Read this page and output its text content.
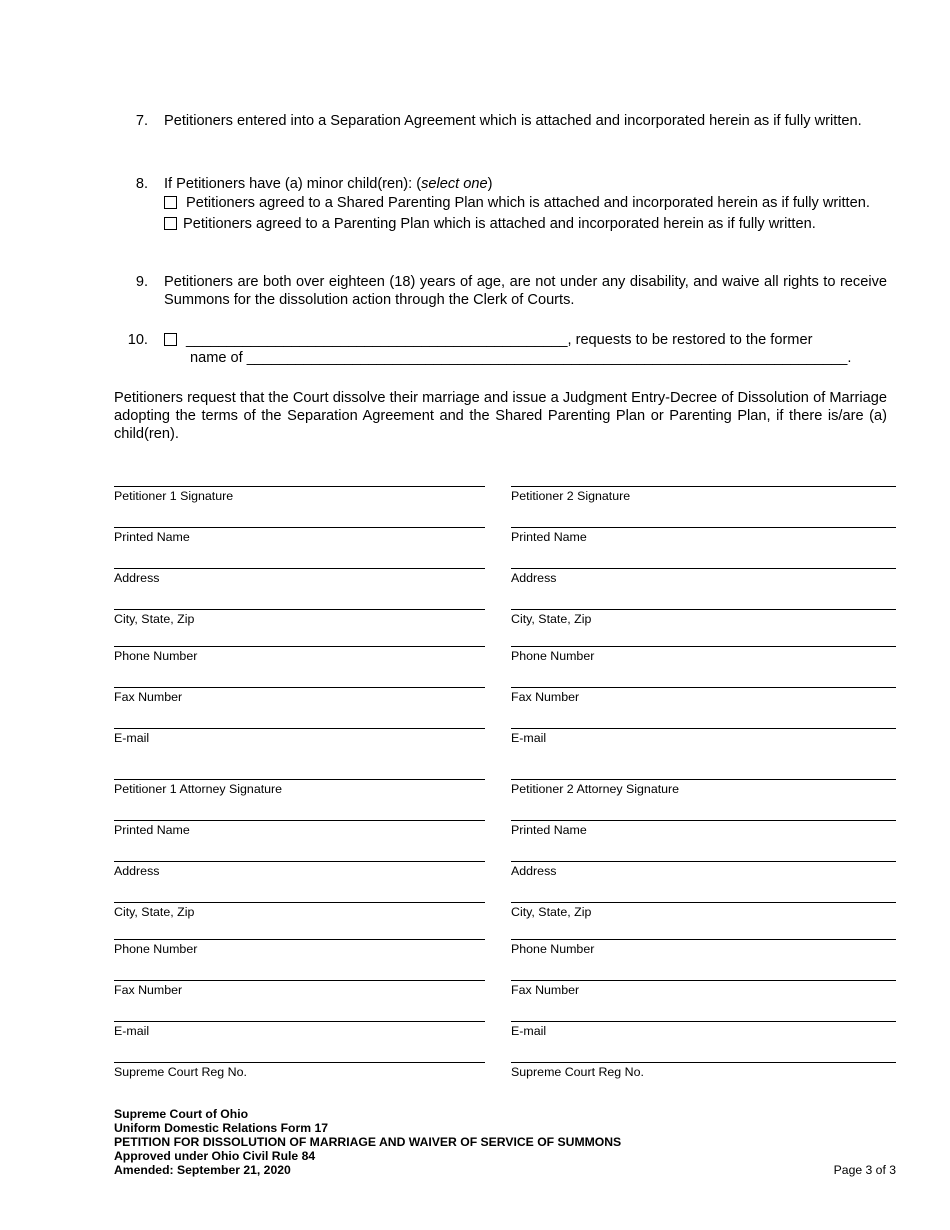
7. Petitioners entered into a Separation Agreement which is attached and incorporated herein as if fully written.
8. If Petitioners have (a) minor child(ren): (select one)
Petitioners agreed to a Shared Parenting Plan which is attached and incorporated herein as if fully written.
Petitioners agreed to a Parenting Plan which is attached and incorporated herein as if fully written.
9. Petitioners are both over eighteen (18) years of age, are not under any disability, and waive all rights to receive Summons for the dissolution action through the Clerk of Courts.
10.	_______________________________________________, requests to be restored to the former
name of __________________________________________________________________________.
Petitioners request that the Court dissolve their marriage and issue a Judgment Entry-Decree of Dissolution of Marriage adopting the terms of the Separation Agreement and the Shared Parenting Plan or Parenting Plan, if there is/are (a) child(ren).
Petitioner 1 Signature
Printed Name
Address
City, State, Zip
Phone Number
Fax Number
E-mail
Petitioner 1 Attorney Signature
Printed Name
Address
City, State, Zip
Phone Number
Fax Number
E-mail
Supreme Court Reg No.
Petitioner 2 Signature
Printed Name
Address
City, State, Zip
Phone Number
Fax Number
E-mail
Petitioner 2 Attorney Signature
Printed Name
Address
City, State, Zip
Phone Number
Fax Number
E-mail
Supreme Court Reg No.
Supreme Court of Ohio
Uniform Domestic Relations Form 17
PETITION FOR DISSOLUTION OF MARRIAGE AND WAIVER OF SERVICE OF SUMMONS
Approved under Ohio Civil Rule 84
Amended: September 21, 2020	Page 3 of 3
